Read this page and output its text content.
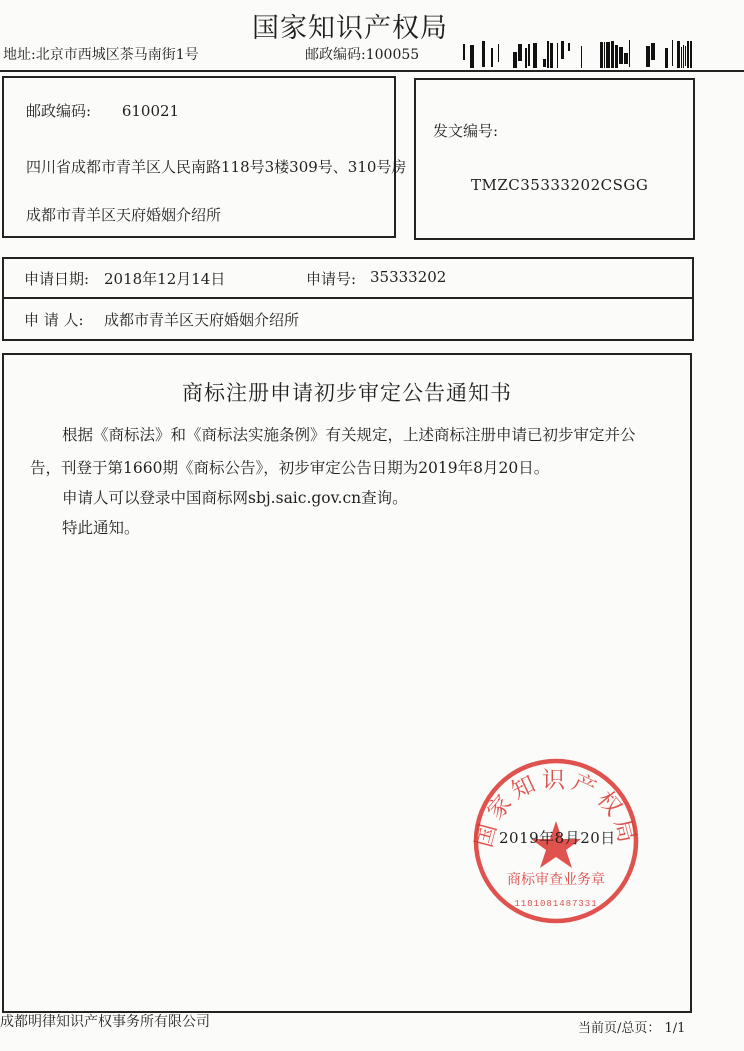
国家知识产权局
地址:北京市西城区茶马南街1号	邮政编码:100055
邮政编码: 610021
四川省成都市青羊区人民南路118号3楼309号、310号房
成都市青羊区天府婚姻介绍所
发文编号:
TMZC35333202CSGG
申请日期: 2018年12月14日	申请号: 35333202
申 请 人: 成都市青羊区天府婚姻介绍所
商标注册申请初步审定公告通知书
根据《商标法》和《商标法实施条例》有关规定，上述商标注册申请已初步审定并公
告，刊登于第1660期《商标公告》，初步审定公告日期为2019年8月20日。
申请人可以登录中国商标网sbj.saic.gov.cn查询。
特此通知。
国家知识产权局
商标审查业务章
1101081487331
2019年8月20日
成都明律知识产权事务所有限公司	当前页/总页： 1/1
